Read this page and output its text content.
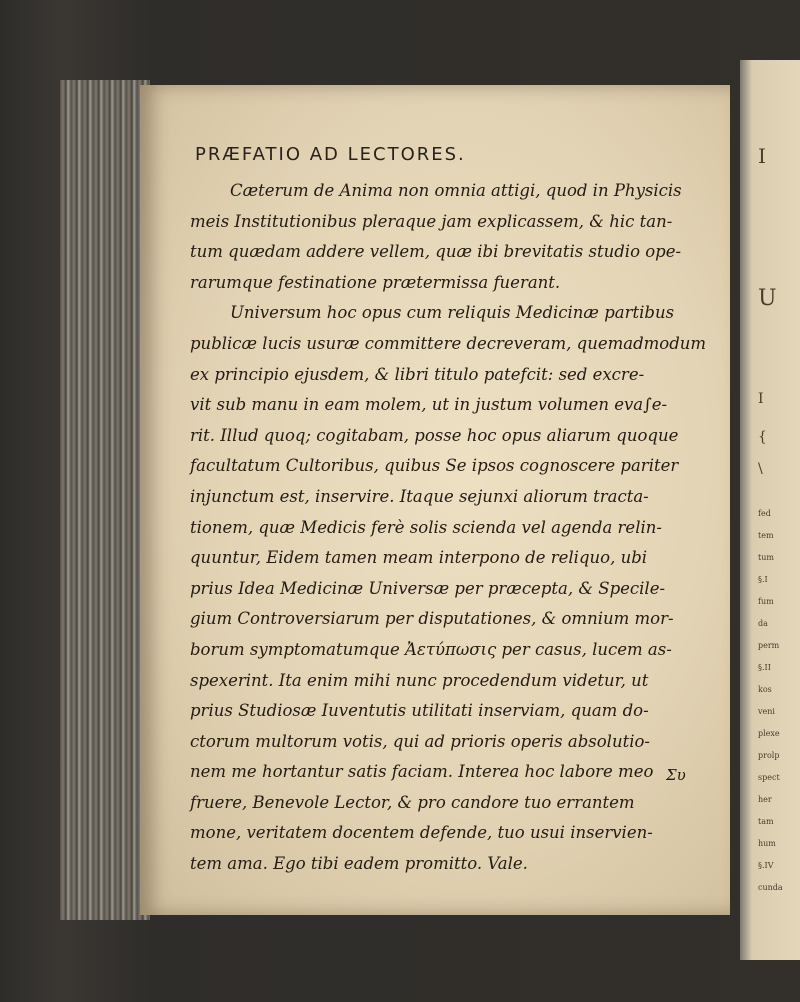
I
U
I
{
\
fed
tem
tum
§.I
fum
da
perm
§.II
kos
veni
plexe
prolp
spect
her
tam
hum
§.IV
cunda
PRÆFATIO AD LECTORES.
Cæterum de Anima non omnia attigi, quod in Physicis
meis Institutionibus pleraque jam explicassem, & hic tan-
tum quædam addere vellem, quæ ibi brevitatis studio ope-
rarumque festinatione prætermissa fuerant.
Universum hoc opus cum reliquis Medicinæ partibus
publicæ lucis usuræ committere decreveram, quemadmodum
ex principio ejusdem, & libri titulo patefcit: sed excre-
vit sub manu in eam molem, ut in justum volumen eva∫e-
rit. Illud quoq; cogitabam, posse hoc opus aliarum quoque
facultatum Cultoribus, quibus Se ipsos cognoscere pariter
injunctum est, inservire. Itaque sejunxi aliorum tracta-
tionem, quæ Medicis ferè solis scienda vel agenda relin-
quuntur, Eidem tamen meam interpono de reliquo, ubi
prius Idea Medicinæ Universæ per præcepta, & Specile-
gium Controversiarum per disputationes, & omnium mor-
borum symptomatumque Ἀετύπωσις per casus, lucem as-
spexerint. Ita enim mihi nunc procedendum videtur, ut
prius Studiosæ Iuventutis utilitati inserviam, quam do-
ctorum multorum votis, qui ad prioris operis absolutio-
nem me hortantur satis faciam. Interea hoc labore meo
fruere, Benevole Lector, & pro candore tuo errantem
mone, veritatem docentem defende, tuo usui inservien-
tem ama. Ego tibi eadem promitto. Vale.
Συ
